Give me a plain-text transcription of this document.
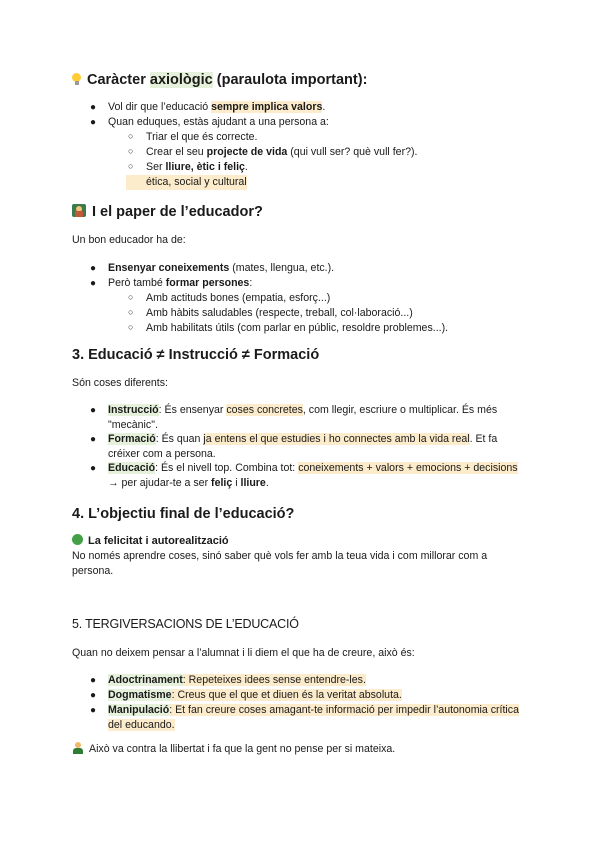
Caràcter axiològic (paraulota important):
● Vol dir que l’educació sempre implica valors.
● Quan eduques, estàs ajudant a una persona a:
○ Triar el que és correcte.
○ Crear el seu projecte de vida (qui vull ser? què vull fer?).
○ Ser lliure, ètic i feliç.
ética, social y cultural
I el paper de l’educador?
Un bon educador ha de:
● Ensenyar coneixements (mates, llengua, etc.).
● Però també formar persones:
○ Amb actituds bones (empatia, esforç...)
○ Amb hàbits saludables (respecte, treball, col·laboració...)
○ Amb habilitats útils (com parlar en públic, resoldre problemes...).
3. Educació ≠ Instrucció ≠ Formació
Són coses diferents:
● Instrucció: És ensenyar coses concretes, com llegir, escriure o multiplicar. És més "mecànic".
● Formació: És quan ja entens el que estudies i ho connectes amb la vida real. Et fa créixer com a persona.
● Educació: És el nivell top. Combina tot: coneixements + valors + emocions + decisions → per ajudar-te a ser feliç i lliure.
4. L’objectiu final de l’educació?
La felicitat i autorealització
No només aprendre coses, sinó saber què vols fer amb la teua vida i com millorar com a persona.
5. TERGIVERSACIONS DE L’EDUCACIÓ
Quan no deixem pensar a l’alumnat i li diem el que ha de creure, això és:
● Adoctrinament: Repeteixes idees sense entendre-les.
● Dogmatisme: Creus que el que et diuen és la veritat absoluta.
● Manipulació: Et fan creure coses amagant-te informació per impedir l’autonomia crítica del educando.
Això va contra la llibertat i fa que la gent no pense per si mateixa.
